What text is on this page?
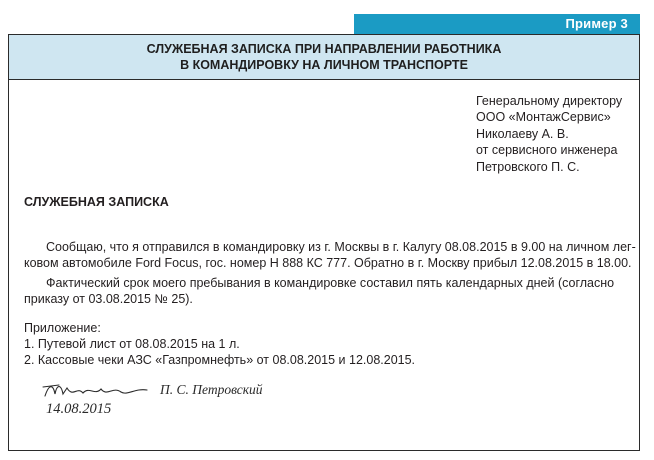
Пример 3
СЛУЖЕБНАЯ ЗАПИСКА ПРИ НАПРАВЛЕНИИ РАБОТНИКА
В КОМАНДИРОВКУ НА ЛИЧНОМ ТРАНСПОРТЕ
Генеральному директору
ООО «МонтажСервис»
Николаеву А. В.
от сервисного инженера
Петровского П. С.
СЛУЖЕБНАЯ ЗАПИСКА
Сообщаю, что я отправился в командировку из г. Москвы в г. Калугу 08.08.2015 в 9.00 на личном лег-
ковом автомобиле Ford Focus, гос. номер Н 888 КС 777. Обратно в г. Москву прибыл 12.08.2015 в 18.00.
Фактический срок моего пребывания в командировке составил пять календарных дней (согласно
приказу от 03.08.2015 № 25).
Приложение:
1. Путевой лист от 08.08.2015 на 1 л.
2. Кассовые чеки АЗС «Газпромнефть» от 08.08.2015 и 12.08.2015.
П. С. Петровский
14.08.2015
